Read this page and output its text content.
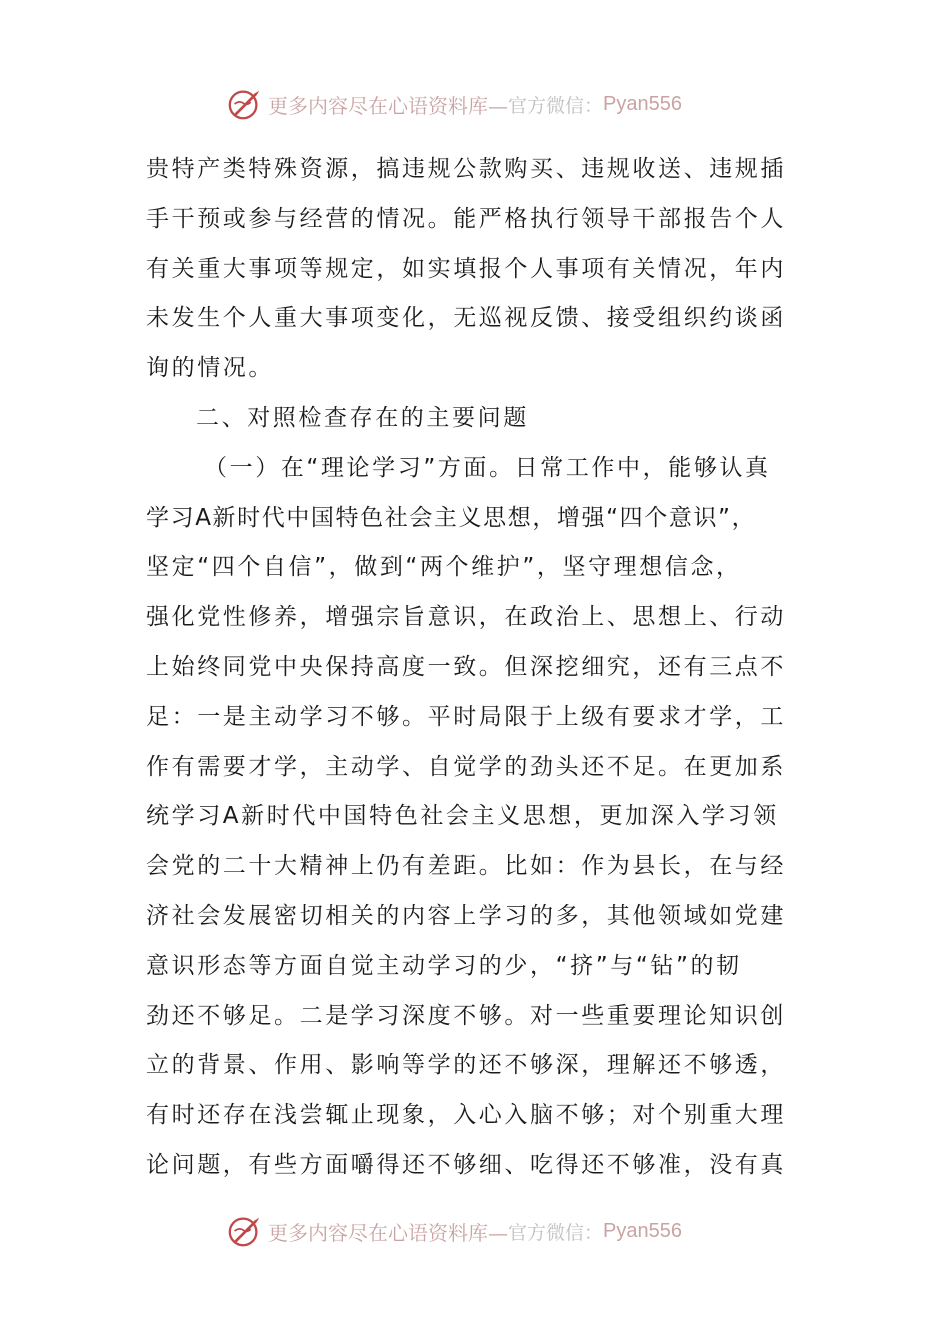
更多内容尽在心语资料库— 官方微信： Pyan556
贵特产类特殊资源，搞违规公款购买、违规收送、违规插
手干预或参与经营的情况。能严格执行领导干部报告个人
有关重大事项等规定，如实填报个人事项有关情况，年内
未发生个人重大事项变化，无巡视反馈、接受组织约谈函
询的情况。
二、对照检查存在的主要问题
（一）在“理论学习”方面。日常工作中，能够认真
学习A新时代中国特色社会主义思想，增强“四个意识”，
坚定“四个自信”，做到“两个维护”，坚守理想信念，
强化党性修养，增强宗旨意识，在政治上、思想上、行动
上始终同党中央保持高度一致。但深挖细究，还有三点不
足：一是主动学习不够。平时局限于上级有要求才学，工
作有需要才学，主动学、自觉学的劲头还不足。在更加系
统学习A新时代中国特色社会主义思想，更加深入学习领
会党的二十大精神上仍有差距。比如：作为县长，在与经
济社会发展密切相关的内容上学习的多，其他领域如党建
意识形态等方面自觉主动学习的少，“挤”与“钻”的韧
劲还不够足。二是学习深度不够。对一些重要理论知识创
立的背景、作用、影响等学的还不够深，理解还不够透，
有时还存在浅尝辄止现象，入心入脑不够；对个别重大理
论问题，有些方面嚼得还不够细、吃得还不够准，没有真
更多内容尽在心语资料库— 官方微信： Pyan556
